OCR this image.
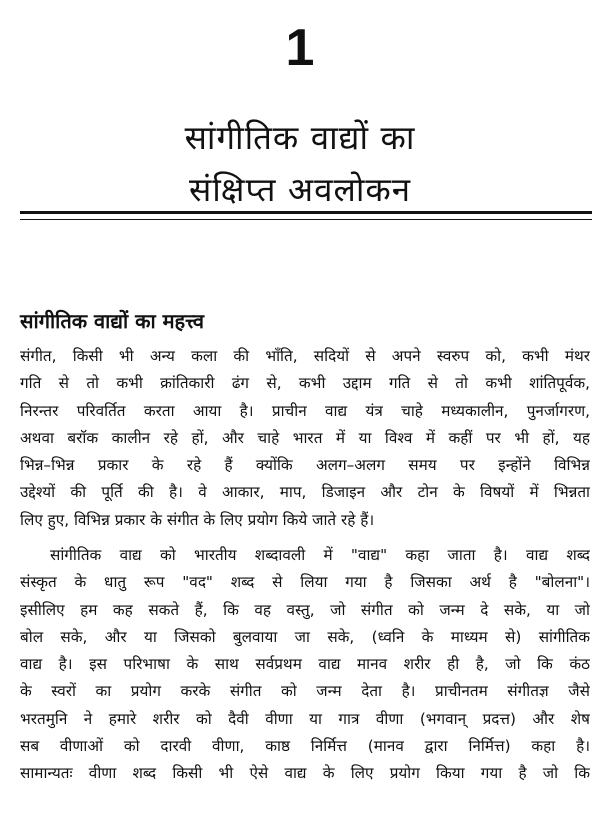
1
सांगीतिक वाद्यों का
संक्षिप्त अवलोकन
सांगीतिक वाद्यों का महत्त्व
संगीत, किसी भी अन्य कला की भाँति, सदियों से अपने स्वरुप को, कभी मंथर
गति से तो कभी क्रांतिकारी ढंग से, कभी उद्दाम गति से तो कभी शांतिपूर्वक,
निरन्तर परिवर्तित करता आया है। प्राचीन वाद्य यंत्र चाहे मध्यकालीन, पुनर्जागरण,
अथवा बरॉक कालीन रहे हों, और चाहे भारत में या विश्व में कहीं पर भी हों, यह
भिन्न–भिन्न प्रकार के रहे हैं क्योंकि अलग–अलग समय पर इन्होंने विभिन्न
उद्देश्यों की पूर्ति की है। वे आकार, माप, डिजाइन और टोन के विषयों में भिन्नता
लिए हुए, विभिन्न प्रकार के संगीत के लिए प्रयोग किये जाते रहे हैं।
सांगीतिक वाद्य को भारतीय शब्दावली में "वाद्य" कहा जाता है। वाद्य शब्द
संस्कृत के धातु रूप "वद" शब्द से लिया गया है जिसका अर्थ है "बोलना"।
इसीलिए हम कह सकते हैं, कि वह वस्तु, जो संगीत को जन्म दे सके, या जो
बोल सके, और या जिसको बुलवाया जा सके, (ध्वनि के माध्यम से) सांगीतिक
वाद्य है। इस परिभाषा के साथ सर्वप्रथम वाद्य मानव शरीर ही है, जो कि कंठ
के स्वरों का प्रयोग करके संगीत को जन्म देता है। प्राचीनतम संगीतज्ञ जैसे
भरतमुनि ने हमारे शरीर को दैवी वीणा या गात्र वीणा (भगवान् प्रदत्त) और शेष
सब वीणाओं को दारवी वीणा, काष्ठ निर्मित्त (मानव द्वारा निर्मित्त) कहा है।
सामान्यतः वीणा शब्द किसी भी ऐसे वाद्य के लिए प्रयोग किया गया है जो कि
